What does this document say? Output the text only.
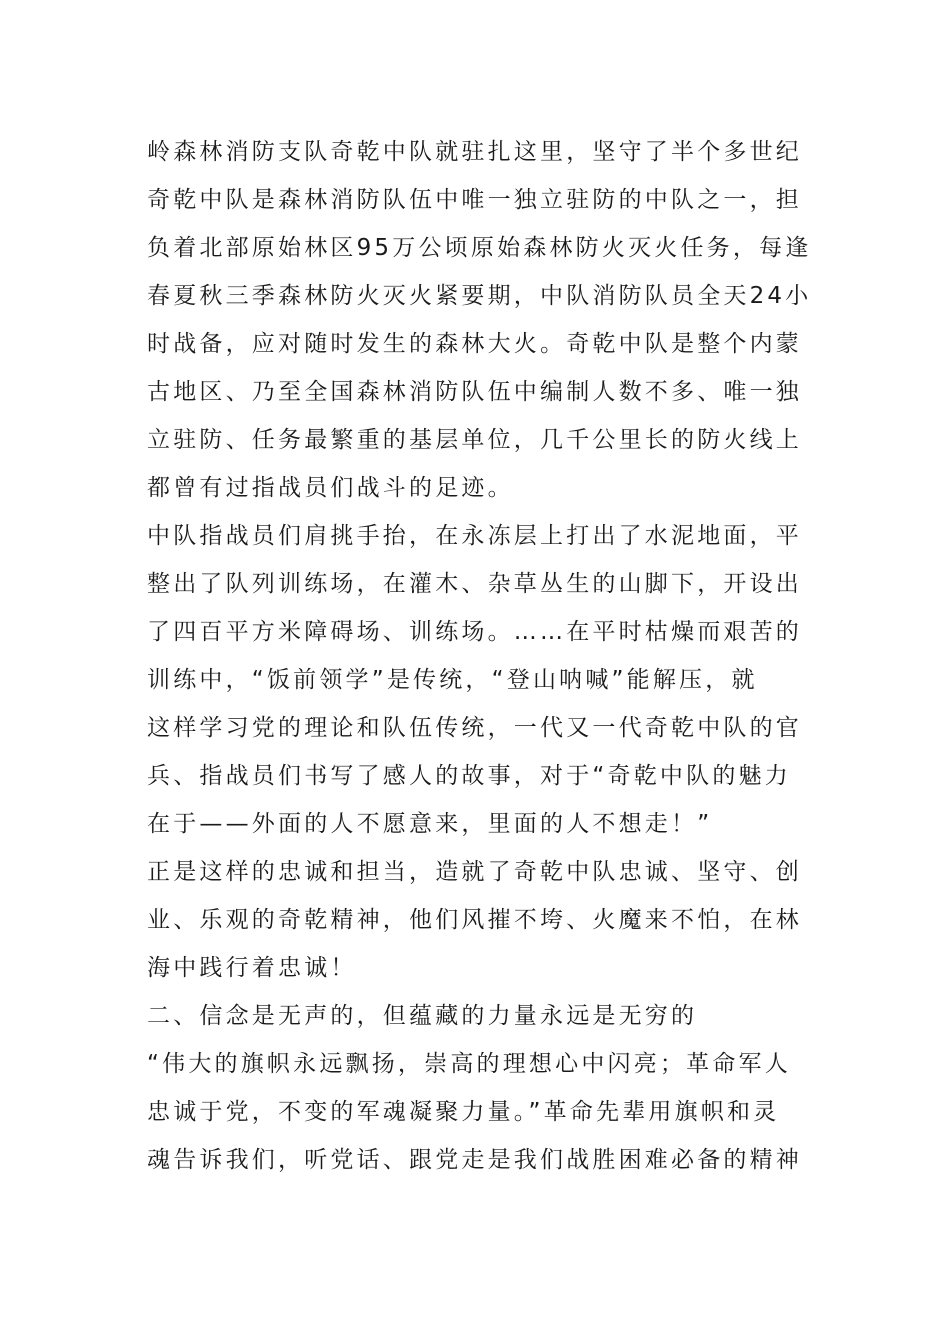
岭森林消防支队奇乾中队就驻扎这里，坚守了半个多世纪
奇乾中队是森林消防队伍中唯一独立驻防的中队之一，担
负着北部原始林区95万公顷原始森林防火灭火任务，每逢
春夏秋三季森林防火灭火紧要期，中队消防队员全天24小
时战备，应对随时发生的森林大火。奇乾中队是整个内蒙
古地区、乃至全国森林消防队伍中编制人数不多、唯一独
立驻防、任务最繁重的基层单位，几千公里长的防火线上
都曾有过指战员们战斗的足迹。
中队指战员们肩挑手抬，在永冻层上打出了水泥地面，平
整出了队列训练场，在灌木、杂草丛生的山脚下，开设出
了四百平方米障碍场、训练场。……在平时枯燥而艰苦的
训练中，“饭前领学”是传统，“登山呐喊”能解压，就
这样学习党的理论和队伍传统，一代又一代奇乾中队的官
兵、指战员们书写了感人的故事，对于“奇乾中队的魅力
在于——外面的人不愿意来，里面的人不想走！”
正是这样的忠诚和担当，造就了奇乾中队忠诚、坚守、创
业、乐观的奇乾精神，他们风摧不垮、火魔来不怕，在林
海中践行着忠诚！
二、信念是无声的，但蕴藏的力量永远是无穷的
“伟大的旗帜永远飘扬，崇高的理想心中闪亮；革命军人
忠诚于党，不变的军魂凝聚力量。”革命先辈用旗帜和灵
魂告诉我们，听党话、跟党走是我们战胜困难必备的精神
